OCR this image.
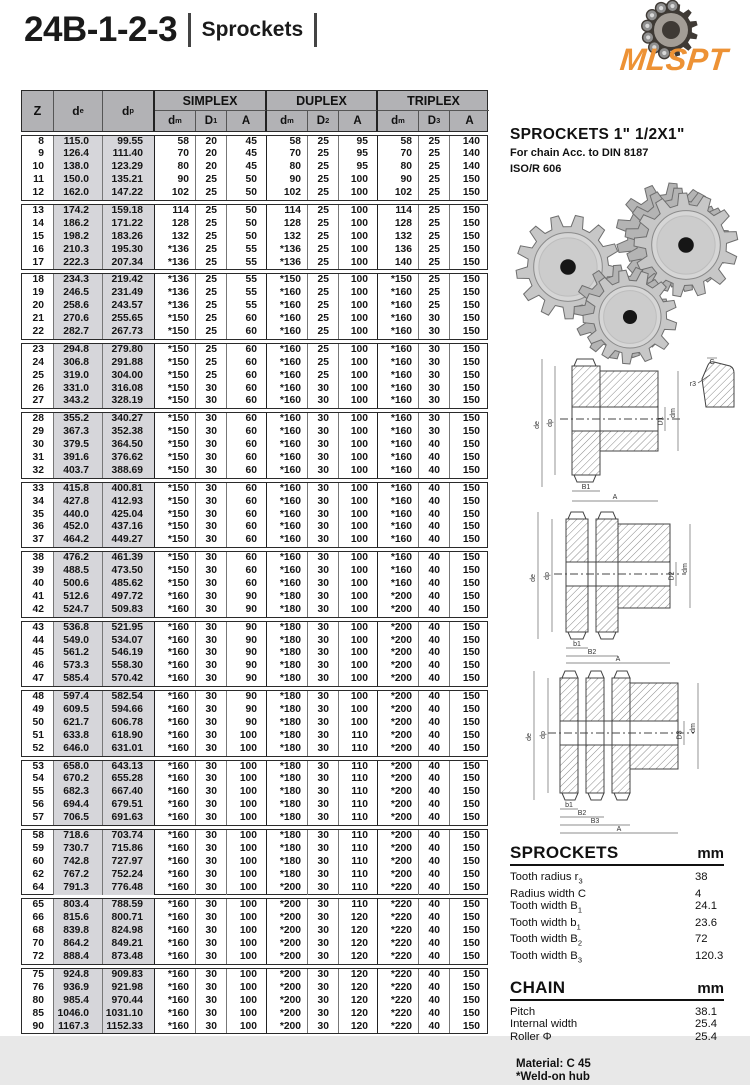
24B-1-2-3 Sprockets
MLSPT
Z	d e	d p
SIMPLEX	DUPLEX	TRIPLEX
d m D 1 A	d m D 2 A	d m D 3 A
8	115.0	99.55	58	20	45	58	25	95	58	25	140
9	126.4	111.40	70	20	45	70	25	95	70	25	140
10	138.0	123.29	80	20	45	80	25	95	80	25	140
11	150.0	135.21	90	25	50	90	25	100	90	25	150
12	162.0	147.22	102	25	50	102	25	100	102	25	150
13	174.2	159.18	114	25	50	114	25	100	114	25	150
14	186.2	171.22	128	25	50	128	25	100	128	25	150
15	198.2	183.26	132	25	50	132	25	100	132	25	150
16	210.3	195.30	*136	25	55	*136	25	100	136	25	150
17	222.3	207.34	*136	25	55	*136	25	100	140	25	150
18	234.3	219.42	*136	25	55	*150	25	100	*150	25	150
19	246.5	231.49	*136	25	55	*160	25	100	*160	25	150
20	258.6	243.57	*136	25	55	*160	25	100	*160	25	150
21	270.6	255.65	*150	25	60	*160	25	100	*160	30	150
22	282.7	267.73	*150	25	60	*160	25	100	*160	30	150
23	294.8	279.80	*150	25	60	*160	25	100	*160	30	150
24	306.8	291.88	*150	25	60	*160	25	100	*160	30	150
25	319.0	304.00	*150	25	60	*160	25	100	*160	30	150
26	331.0	316.08	*150	30	60	*160	30	100	*160	30	150
27	343.2	328.19	*150	30	60	*160	30	100	*160	30	150
28	355.2	340.27	*150	30	60	*160	30	100	*160	30	150
29	367.3	352.38	*150	30	60	*160	30	100	*160	30	150
30	379.5	364.50	*150	30	60	*160	30	100	*160	40	150
31	391.6	376.62	*150	30	60	*160	30	100	*160	40	150
32	403.7	388.69	*150	30	60	*160	30	100	*160	40	150
33	415.8	400.81	*150	30	60	*160	30	100	*160	40	150
34	427.8	412.93	*150	30	60	*160	30	100	*160	40	150
35	440.0	425.04	*150	30	60	*160	30	100	*160	40	150
36	452.0	437.16	*150	30	60	*160	30	100	*160	40	150
37	464.2	449.27	*150	30	60	*160	30	100	*160	40	150
38	476.2	461.39	*150	30	60	*160	30	100	*160	40	150
39	488.5	473.50	*150	30	60	*160	30	100	*160	40	150
40	500.6	485.62	*150	30	60	*160	30	100	*160	40	150
41	512.6	497.72	*160	30	90	*180	30	100	*200	40	150
42	524.7	509.83	*160	30	90	*180	30	100	*200	40	150
43	536.8	521.95	*160	30	90	*180	30	100	*200	40	150
44	549.0	534.07	*160	30	90	*180	30	100	*200	40	150
45	561.2	546.19	*160	30	90	*180	30	100	*200	40	150
46	573.3	558.30	*160	30	90	*180	30	100	*200	40	150
47	585.4	570.42	*160	30	90	*180	30	100	*200	40	150
48	597.4	582.54	*160	30	90	*180	30	100	*200	40	150
49	609.5	594.66	*160	30	90	*180	30	100	*200	40	150
50	621.7	606.78	*160	30	90	*180	30	100	*200	40	150
51	633.8	618.90	*160	30	100	*180	30	110	*200	40	150
52	646.0	631.01	*160	30	100	*180	30	110	*200	40	150
53	658.0	643.13	*160	30	100	*180	30	110	*200	40	150
54	670.2	655.28	*160	30	100	*180	30	110	*200	40	150
55	682.3	667.40	*160	30	100	*180	30	110	*200	40	150
56	694.4	679.51	*160	30	100	*180	30	110	*200	40	150
57	706.5	691.63	*160	30	100	*180	30	110	*200	40	150
58	718.6	703.74	*160	30	100	*180	30	110	*200	40	150
59	730.7	715.86	*160	30	100	*180	30	110	*200	40	150
60	742.8	727.97	*160	30	100	*180	30	110	*200	40	150
62	767.2	752.24	*160	30	100	*180	30	110	*200	40	150
64	791.3	776.48	*160	30	100	*200	30	110	*220	40	150
65	803.4	788.59	*160	30	100	*200	30	110	*220	40	150
66	815.6	800.71	*160	30	100	*200	30	120	*220	40	150
68	839.8	824.98	*160	30	100	*200	30	120	*220	40	150
70	864.2	849.21	*160	30	100	*200	30	120	*220	40	150
72	888.4	873.48	*160	30	100	*200	30	120	*220	40	150
75	924.8	909.83	*160	30	100	*200	30	120	*220	40	150
76	936.9	921.98	*160	30	100	*200	30	120	*220	40	150
80	985.4	970.44	*160	30	100	*200	30	120	*220	40	150
85	1046.0	1031.10	*160	30	100	*200	30	120	*220	40	150
90	1167.3	1152.33	*160	30	100	*200	30	120	*220	40	150
SPROCKETS 1" 1/2X1"
For chain Acc. to DIN 8187
ISO/R 606
de dp	D1
dm
B1
A
C
r3
de dp	D2
dm
b1
B2
A
de dp	D3
dm
b1
B2
B3
A
SPROCKETS	mm
Tooth radius $r_3$	38
Radius width C	4
Tooth width $B_1$	24.1
Tooth width $b_1$	23.6
Tooth width $B_2$	72
Tooth width $B_3$	120.3
CHAIN	mm
Pitch	38.1
Internal width	25.4
Roller Φ	25.4
Material: C 45
*Weld-on hub
